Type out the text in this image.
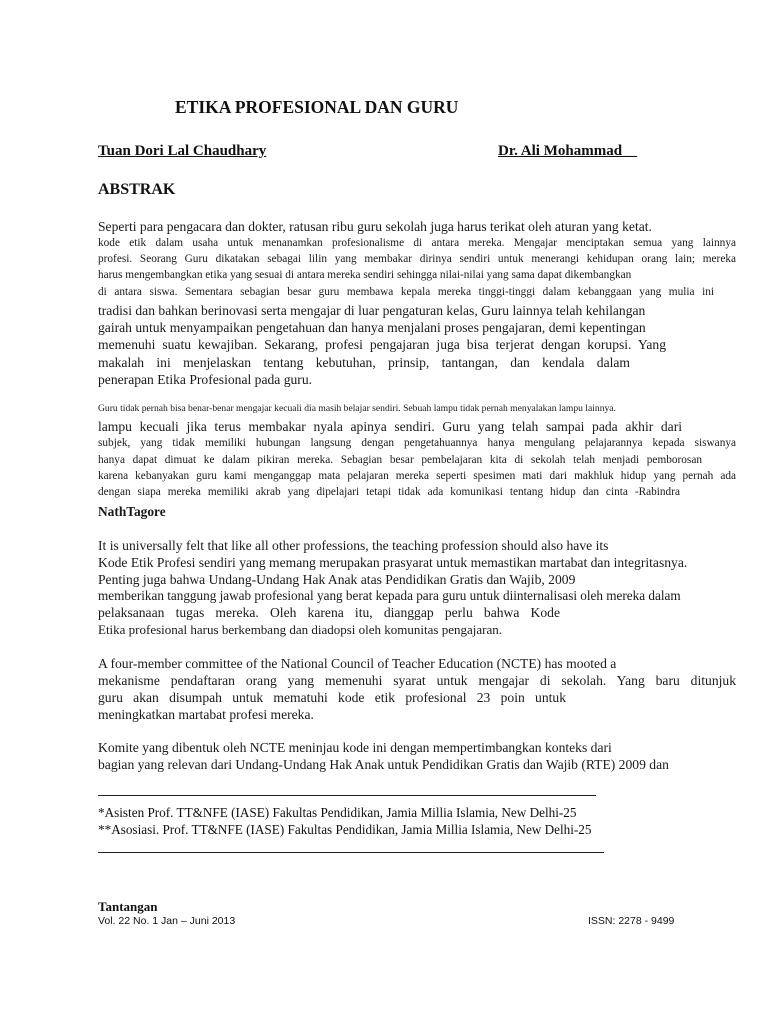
ETIKA PROFESIONAL DAN GURU
Tuan Dori Lal Chaudhary	Dr. Ali Mohammad__
ABSTRAK
Seperti para pengacara dan dokter, ratusan ribu guru sekolah juga harus terikat oleh aturan yang ketat.
kode etik dalam usaha untuk menanamkan profesionalisme di antara mereka. Mengajar menciptakan semua yang lainnya
profesi. Seorang Guru dikatakan sebagai lilin yang membakar dirinya sendiri untuk menerangi kehidupan orang lain; mereka
harus mengembangkan etika yang sesuai di antara mereka sendiri sehingga nilai-nilai yang sama dapat dikembangkan
di antara siswa. Sementara sebagian besar guru membawa kepala mereka tinggi-tinggi dalam kebanggaan yang mulia ini
tradisi dan bahkan berinovasi serta mengajar di luar pengaturan kelas, Guru lainnya telah kehilangan
gairah untuk menyampaikan pengetahuan dan hanya menjalani proses pengajaran, demi kepentingan
memenuhi suatu kewajiban. Sekarang, profesi pengajaran juga bisa terjerat dengan korupsi. Yang
makalah ini menjelaskan tentang kebutuhan, prinsip, tantangan, dan kendala dalam
penerapan Etika Profesional pada guru.
Guru tidak pernah bisa benar-benar mengajar kecuali dia masih belajar sendiri. Sebuah lampu tidak pernah menyalakan lampu lainnya.
lampu kecuali jika terus membakar nyala apinya sendiri. Guru yang telah sampai pada akhir dari
subjek, yang tidak memiliki hubungan langsung dengan pengetahuannya hanya mengulang pelajarannya kepada siswanya
hanya dapat dimuat ke dalam pikiran mereka. Sebagian besar pembelajaran kita di sekolah telah menjadi pemborosan
karena kebanyakan guru kami menganggap mata pelajaran mereka seperti spesimen mati dari makhluk hidup yang pernah ada
dengan siapa mereka memiliki akrab yang dipelajari tetapi tidak ada komunikasi tentang hidup dan cinta -Rabindra
NathTagore
It is universally felt that like all other professions, the teaching profession should also have its
Kode Etik Profesi sendiri yang memang merupakan prasyarat untuk memastikan martabat dan integritasnya.
Penting juga bahwa Undang-Undang Hak Anak atas Pendidikan Gratis dan Wajib, 2009
memberikan tanggung jawab profesional yang berat kepada para guru untuk diinternalisasi oleh mereka dalam
pelaksanaan tugas mereka. Oleh karena itu, dianggap perlu bahwa Kode
Etika profesional harus berkembang dan diadopsi oleh komunitas pengajaran.
A four-member committee of the National Council of Teacher Education (NCTE) has mooted a
mekanisme pendaftaran orang yang memenuhi syarat untuk mengajar di sekolah. Yang baru ditunjuk
guru akan disumpah untuk mematuhi kode etik profesional 23 poin untuk
meningkatkan martabat profesi mereka.
Komite yang dibentuk oleh NCTE meninjau kode ini dengan mempertimbangkan konteks dari
bagian yang relevan dari Undang-Undang Hak Anak untuk Pendidikan Gratis dan Wajib (RTE) 2009 dan
*Asisten Prof. TT&NFE (IASE) Fakultas Pendidikan, Jamia Millia Islamia, New Delhi-25
**Asosiasi. Prof. TT&NFE (IASE) Fakultas Pendidikan, Jamia Millia Islamia, New Delhi-25
Tantangan
Vol. 22 No. 1 Jan – Juni 2013	ISSN: 2278 - 9499
